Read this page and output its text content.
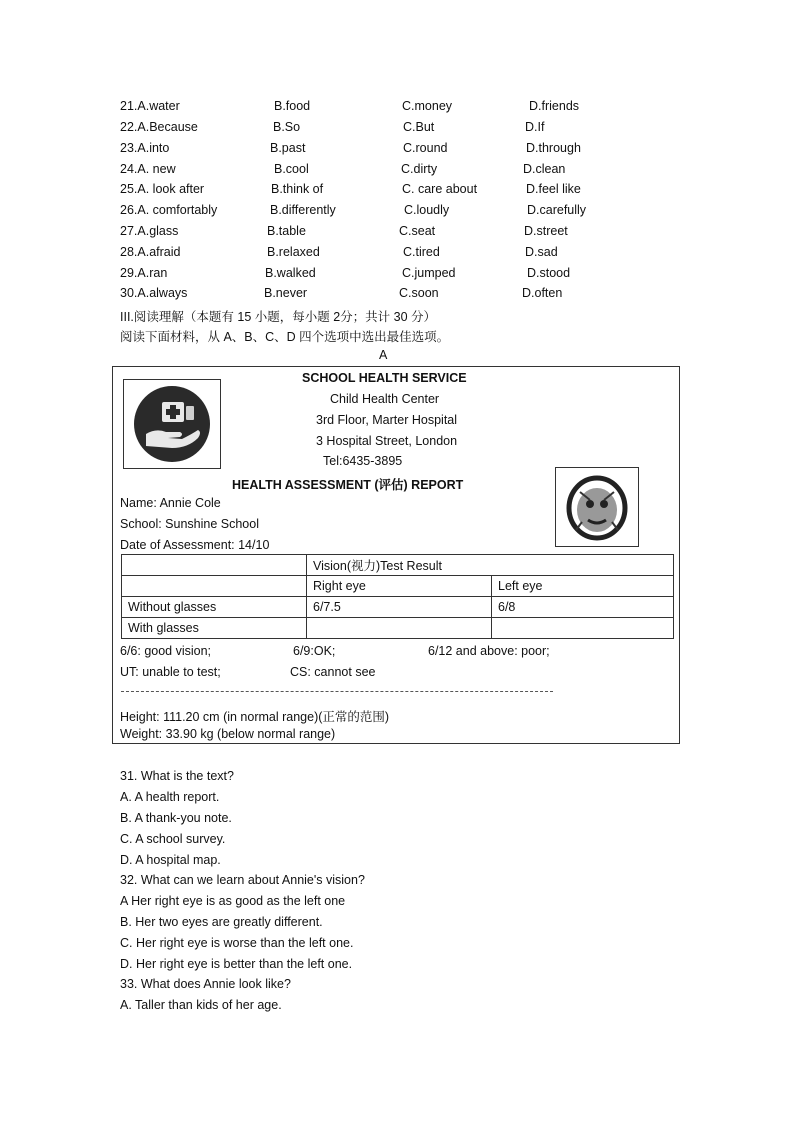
21.A.water	B.food	C.money	D.friends
22.A.Because	B.So	C.But	D.If
23.A.into	B.past	C.round	D.through
24.A. new	B.cool	C.dirty	D.clean
25.A. look after	B.think of	C. care about	D.feel like
26.A. comfortably	B.differently	C.loudly	D.carefully
27.A.glass	B.table	C.seat	D.street
28.A.afraid	B.relaxed	C.tired	D.sad
29.A.ran	B.walked	C.jumped	D.stood
30.A.always	B.never	C.soon	D.often
III.阅读理解（本题有 15 小题，每小题 2分；共计 30 分）
阅读下面材料，从 A、B、C、D 四个选项中选出最佳选项。
A
SCHOOL HEALTH SERVICE
Child Health Center
3rd Floor, Marter Hospital
3 Hospital Street, London
Tel:6435-3895
HEALTH ASSESSMENT (评估) REPORT
Name: Annie Cole
School: Sunshine School
Date of Assessment: 14/10
	Vision(视力)Test Result	
	Right eye	Left eye
Without glasses	6/7.5	6/8
With glasses		
6/6: good vision;	6/9:OK;	6/12 and above: poor;
UT: unable to test;	CS: cannot see
Height: 111.20 cm (in normal range)(正常的范围)
Weight: 33.90 kg (below normal range)
31. What is the text?
A. A health report.
B. A thank-you note.
C. A school survey.
D. A hospital map.
32. What can we learn about Annie's vision?
A Her right eye is as good as the left one
B. Her two eyes are greatly different.
C. Her right eye is worse than the left one.
D. Her right eye is better than the left one.
33. What does Annie look like?
A. Taller than kids of her age.
